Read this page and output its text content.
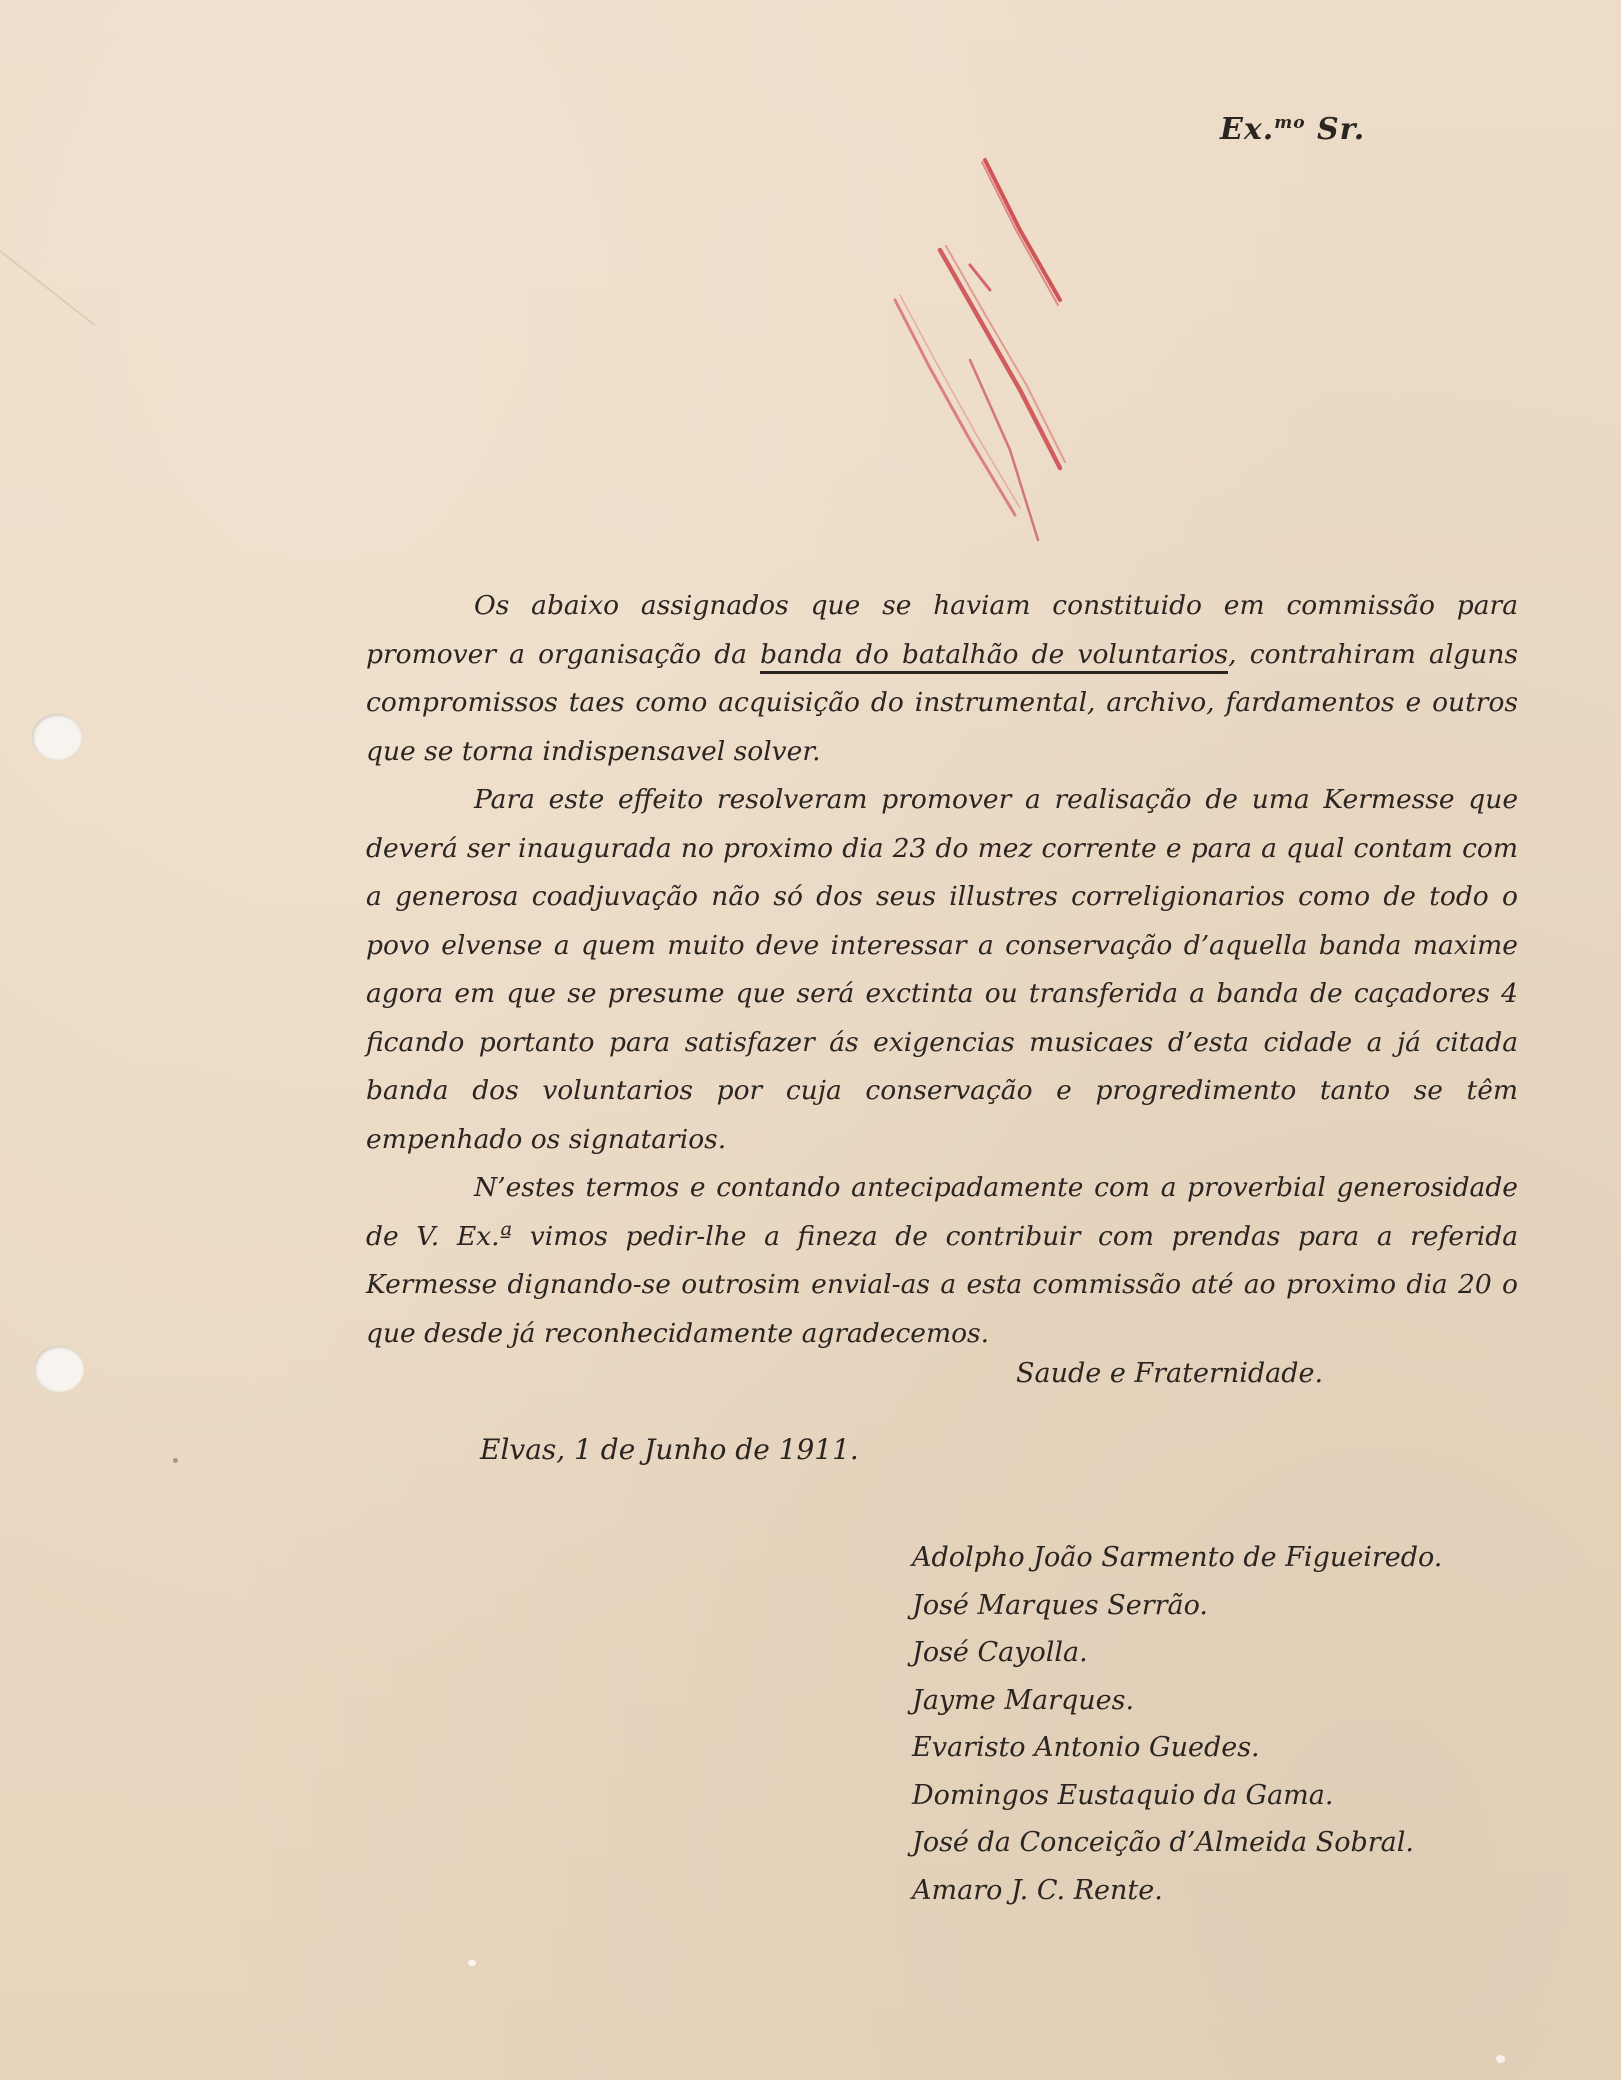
Ex.$^{mo}$ Sr.

Os abaixo assignados que se haviam constituido em commissão para promover a organisação da banda do batalhão de voluntarios, contrahiram alguns compromissos taes como acquisição do instrumental, archivo, fardamentos e outros que se torna indispensavel solver.

Para este effeito resolveram promover a realisação de uma Kermesse que deverá ser inaugurada no proximo dia 23 do mez corrente e para a qual contam com a generosa coadjuvação não só dos seus illustres correligionarios como de todo o povo elvense a quem muito deve interessar a conservação d’aquella banda maxime agora em que se presume que será exctinta ou transferida a banda de caçadores 4 ficando portanto para satisfazer ás exigencias musicaes d’esta cidade a já citada banda dos voluntarios por cuja conservação e progredimento tanto se têm empenhado os signatarios.

N’estes termos e contando antecipadamente com a proverbial generosidade de V. Ex.ª vimos pedir-lhe a fineza de contribuir com prendas para a referida Kermesse dignando-se outrosim envial-as a esta commissão até ao proximo dia 20 o que desde já reconhecidamente agradecemos.

Saude e Fraternidade.
Elvas, 1 de Junho de 1911.
Adolpho João Sarmento de Figueiredo.
José Marques Serrão.
José Cayolla.
Jayme Marques.
Evaristo Antonio Guedes.
Domingos Eustaquio da Gama.
José da Conceição d’Almeida Sobral.
Amaro J. C. Rente.
